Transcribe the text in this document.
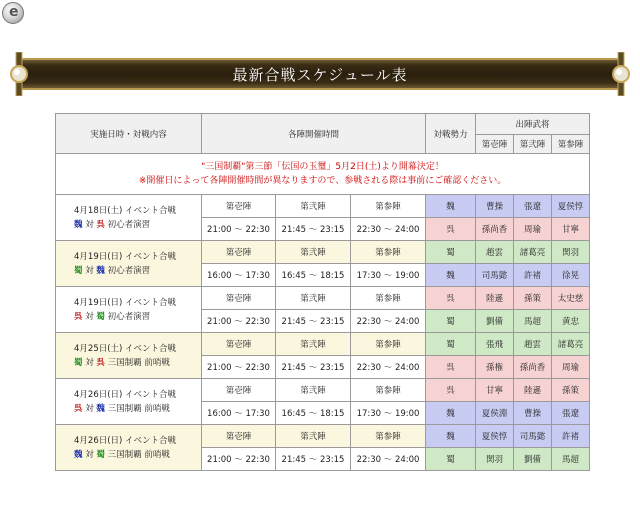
e
最新合戦スケジュール表
実施日時・対戦内容	各陣開催時間			対戦勢力	出陣武将		
					第壱陣	第弐陣	第参陣

"三国制覇"第三節「伝国の玉璽」5月2日(土)より開幕決定！
※開催日によって各陣開催時間が異なりますので、参戦される際は事前にご確認ください。							

4月18日(土) イベント合戦
魏 対 呉 初心者演習	第壱陣	第弐陣	第参陣	魏	曹操	張遼	夏侯惇
	21:00 ～ 22:30	21:45 ～ 23:15	22:30 ～ 24:00	呉	孫尚香	周瑜	甘寧

4月19日(日) イベント合戦
蜀 対 魏 初心者演習	第壱陣	第弐陣	第参陣	蜀	趙雲	諸葛亮	関羽
	16:00 ～ 17:30	16:45 ～ 18:15	17:30 ～ 19:00	魏	司馬懿	許褚	徐晃

4月19日(日) イベント合戦
呉 対 蜀 初心者演習	第壱陣	第弐陣	第参陣	呉	陸遜	孫策	太史慈
	21:00 ～ 22:30	21:45 ～ 23:15	22:30 ～ 24:00	蜀	劉備	馬超	黄忠

4月25日(土) イベント合戦
蜀 対 呉 三国制覇 前哨戦	第壱陣	第弐陣	第参陣	蜀	張飛	趙雲	諸葛亮
	21:00 ～ 22:30	21:45 ～ 23:15	22:30 ～ 24:00	呉	孫権	孫尚香	周瑜

4月26日(日) イベント合戦
呉 対 魏 三国制覇 前哨戦	第壱陣	第弐陣	第参陣	呉	甘寧	陸遜	孫策
	16:00 ～ 17:30	16:45 ～ 18:15	17:30 ～ 19:00	魏	夏侯淵	曹操	張遼

4月26日(日) イベント合戦
魏 対 蜀 三国制覇 前哨戦	第壱陣	第弐陣	第参陣	魏	夏侯惇	司馬懿	許褚
	21:00 ～ 22:30	21:45 ～ 23:15	22:30 ～ 24:00	蜀	関羽	劉備	馬超
